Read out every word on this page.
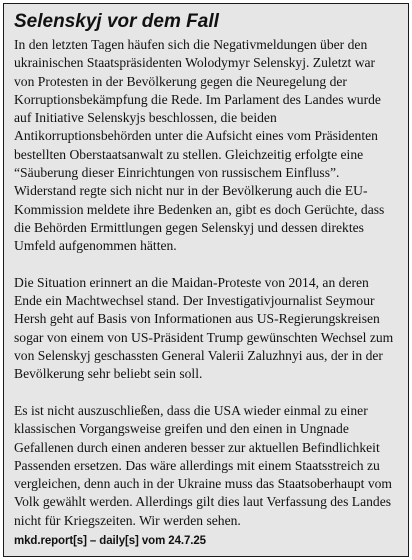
Selenskyj vor dem Fall

In den letzten Tagen häufen sich die Negativmeldungen über den ukrainischen Staatspräsidenten Wolodymyr Selenskyj. Zuletzt war von Protesten in der Bevölkerung gegen die Neuregelung der Korruptionsbekämpfung die Rede. Im Parlament des Landes wurde auf Initiative Selenskyjs beschlossen, die beiden Antikorruptionsbehörden unter die Aufsicht eines vom Präsidenten bestellten Oberstaatsanwalt zu stellen. Gleichzeitig erfolgte eine “Säuberung dieser Einrichtungen von russischem Einfluss”. Widerstand regte sich nicht nur in der Bevölkerung auch die EU-Kommission meldete ihre Bedenken an, gibt es doch Gerüchte, dass die Behörden Ermittlungen gegen Selenskyj und dessen direktes Umfeld aufgenommen hätten.

Die Situation erinnert an die Maidan-Proteste von 2014, an deren Ende ein Machtwechsel stand. Der Investigativjournalist Seymour Hersh geht auf Basis von Informationen aus US-Regierungskreisen sogar von einem von US-Präsident Trump gewünschten Wechsel zum von Selenskyj geschassten General Valerii Zaluzhnyi aus, der in der Bevölkerung sehr beliebt sein soll.

Es ist nicht auszuschließen, dass die USA wieder einmal zu einer klassischen Vorgangsweise greifen und den einen in Ungnade Gefallenen durch einen anderen besser zur aktuellen Befindlichkeit Passenden ersetzen. Das wäre allerdings mit einem Staatsstreich zu vergleichen, denn auch in der Ukraine muss das Staatsoberhaupt vom Volk gewählt werden. Allerdings gilt dies laut Verfassung des Landes nicht für Kriegszeiten. Wir werden sehen.

mkd.report[s] – daily[s] vom 24.7.25
